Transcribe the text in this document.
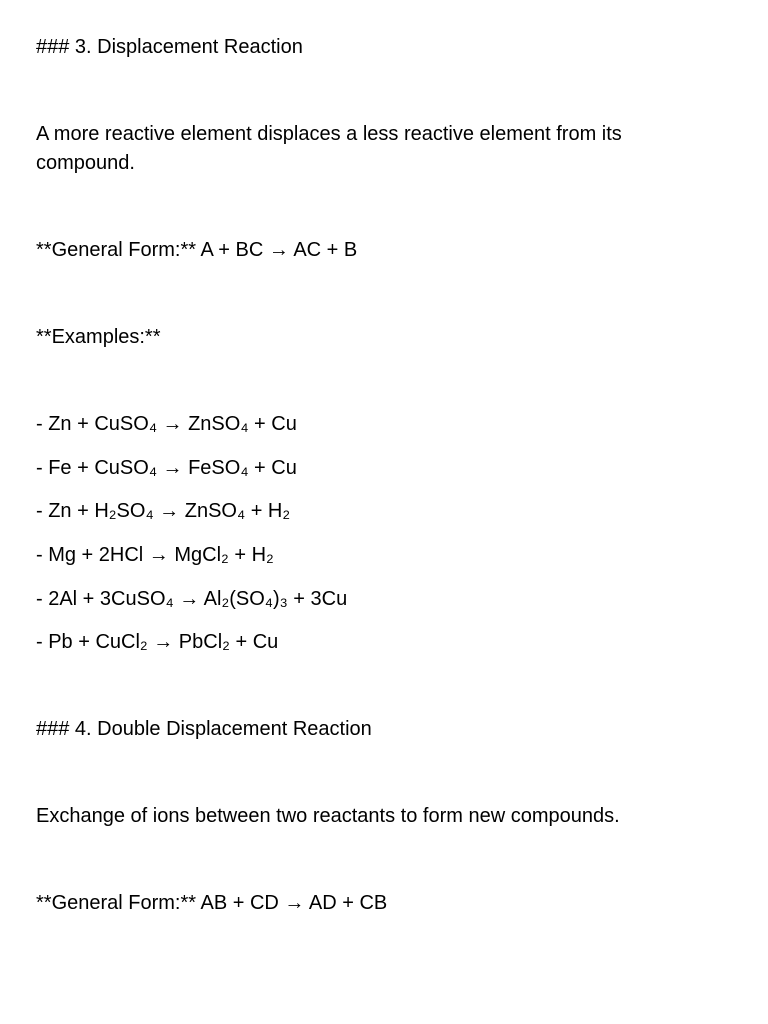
### 3. Displacement Reaction

A more reactive element displaces a less reactive element from its compound.

**General Form:** A + BC → AC + B

**Examples:**

- Zn + CuSO₄ → ZnSO₄ + Cu

- Fe + CuSO₄ → FeSO₄ + Cu

- Zn + H₂SO₄ → ZnSO₄ + H₂

- Mg + 2HCl → MgCl₂ + H₂

- 2Al + 3CuSO₄ → Al₂(SO₄)₃ + 3Cu

- Pb + CuCl₂ → PbCl₂ + Cu

### 4. Double Displacement Reaction

Exchange of ions between two reactants to form new compounds.

**General Form:** AB + CD → AD + CB
